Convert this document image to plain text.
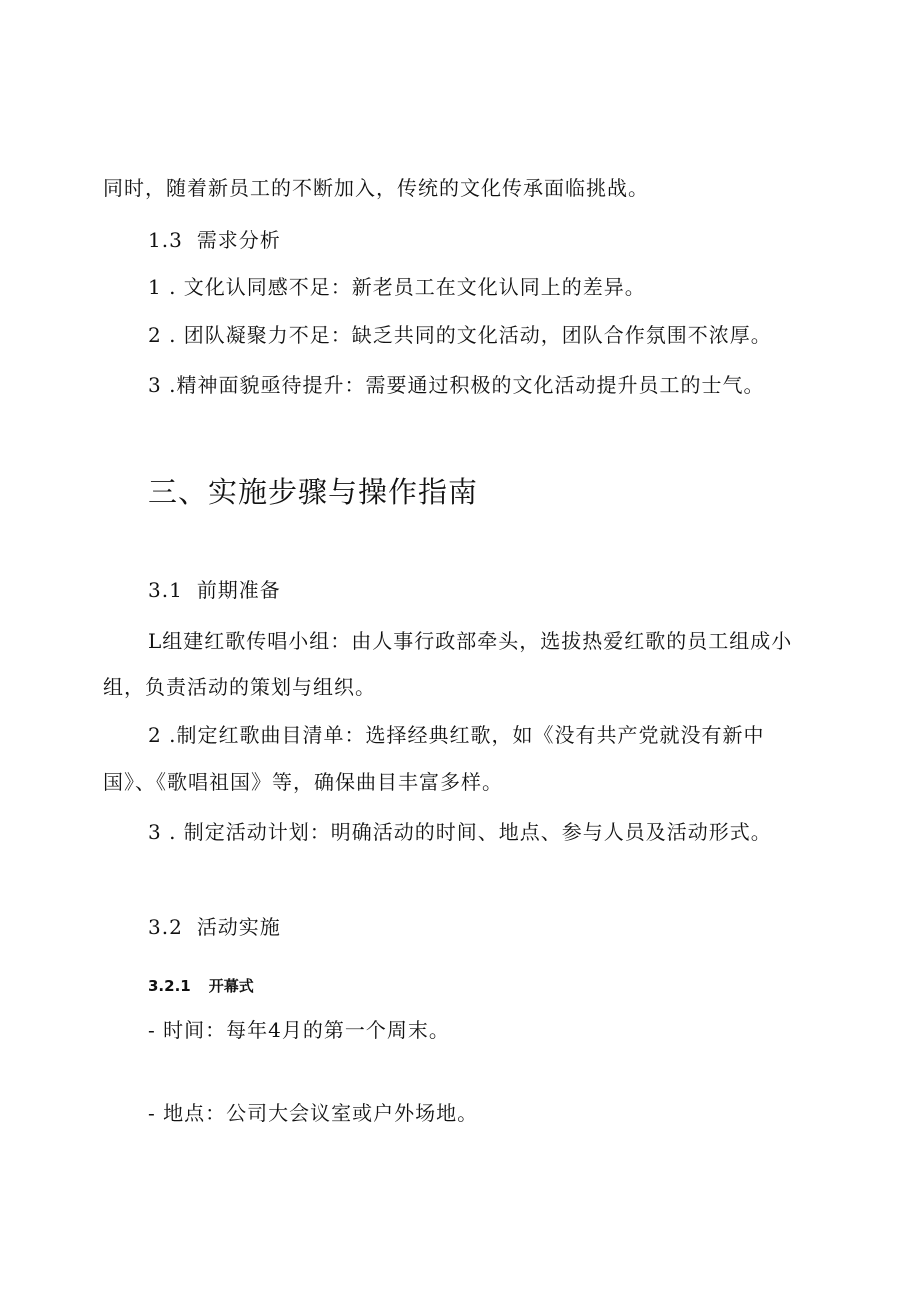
同时，随着新员工的不断加入，传统的文化传承面临挑战。
1.3 需求分析
1 . 文化认同感不足：新老员工在文化认同上的差异。
2 . 团队凝聚力不足：缺乏共同的文化活动，团队合作氛围不浓厚。
3 .精神面貌亟待提升：需要通过积极的文化活动提升员工的士气。
三、实施步骤与操作指南
3.1 前期准备
L组建红歌传唱小组：由人事行政部牵头，选拔热爱红歌的员工组成小
组，负责活动的策划与组织。
2 .制定红歌曲目清单：选择经典红歌，如《没有共产党就没有新中
国》、《歌唱祖国》等，确保曲目丰富多样。
3 . 制定活动计划：明确活动的时间、地点、参与人员及活动形式。
3.2 活动实施
3.2.1 开幕式
- 时间：每年4月的第一个周末。
- 地点：公司大会议室或户外场地。
